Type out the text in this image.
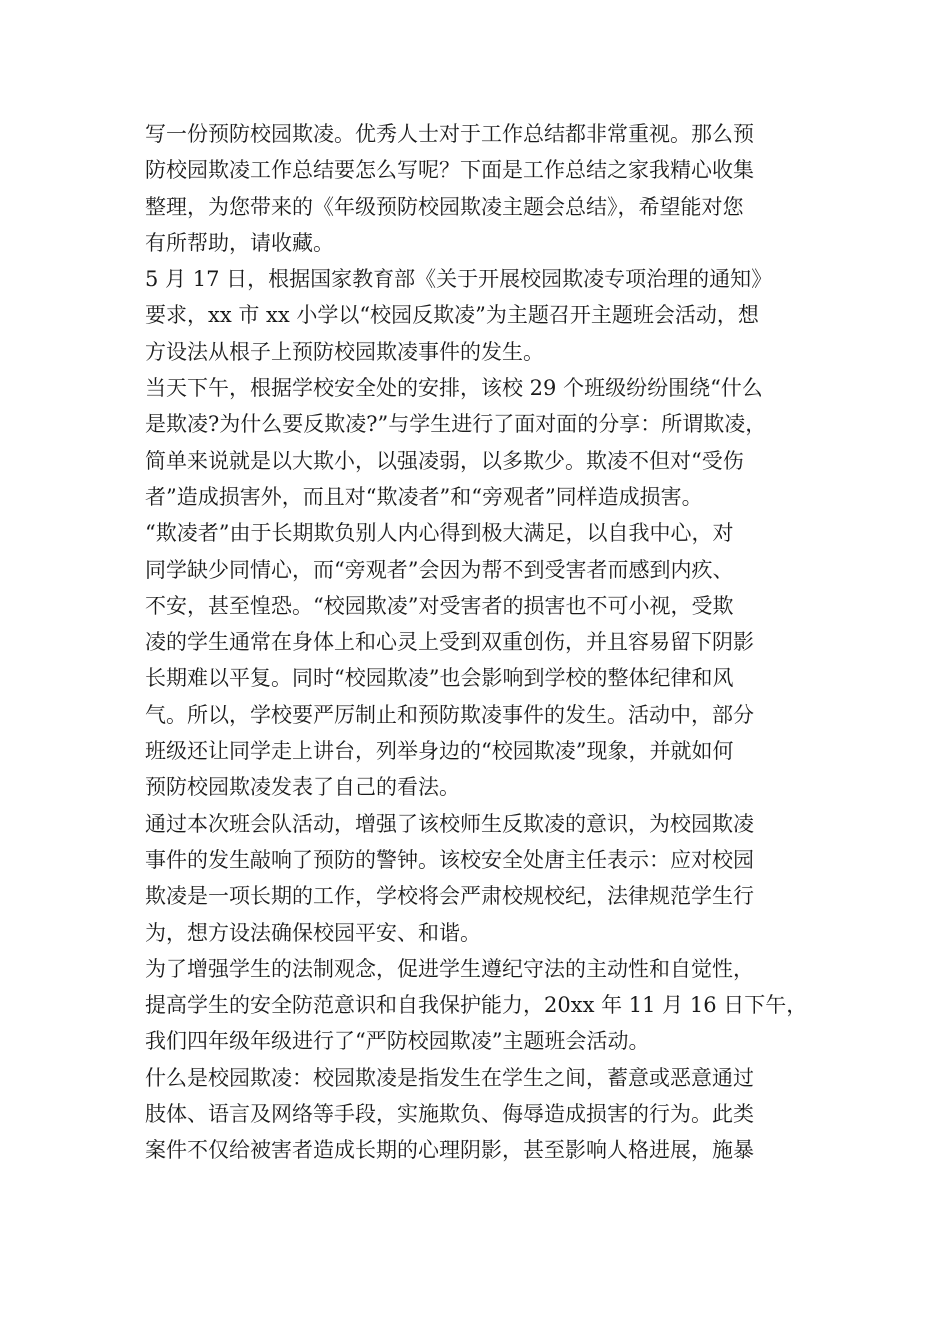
写一份预防校园欺凌。优秀人士对于工作总结都非常重视。那么预
防校园欺凌工作总结要怎么写呢？下面是工作总结之家我精心收集
整理，为您带来的《年级预防校园欺凌主题会总结》，希望能对您
有所帮助，请收藏。
5 月 17 日，根据国家教育部《关于开展校园欺凌专项治理的通知》
要求，xx 市 xx 小学以“校园反欺凌”为主题召开主题班会活动，想
方设法从根子上预防校园欺凌事件的发生。
当天下午，根据学校安全处的安排，该校 29 个班级纷纷围绕“什么
是欺凌?为什么要反欺凌?”与学生进行了面对面的分享：所谓欺凌，
简单来说就是以大欺小，以强凌弱，以多欺少。欺凌不但对“受伤
者”造成损害外，而且对“欺凌者”和“旁观者”同样造成损害。
“欺凌者”由于长期欺负别人内心得到极大满足，以自我中心，对
同学缺少同情心，而“旁观者”会因为帮不到受害者而感到内疚、
不安，甚至惶恐。“校园欺凌”对受害者的损害也不可小视，受欺
凌的学生通常在身体上和心灵上受到双重创伤，并且容易留下阴影
长期难以平复。同时“校园欺凌”也会影响到学校的整体纪律和风
气。所以，学校要严厉制止和预防欺凌事件的发生。活动中，部分
班级还让同学走上讲台，列举身边的“校园欺凌”现象，并就如何
预防校园欺凌发表了自己的看法。
通过本次班会队活动，增强了该校师生反欺凌的意识，为校园欺凌
事件的发生敲响了预防的警钟。该校安全处唐主任表示：应对校园
欺凌是一项长期的工作，学校将会严肃校规校纪，法律规范学生行
为，想方设法确保校园平安、和谐。
为了增强学生的法制观念，促进学生遵纪守法的主动性和自觉性，
提高学生的安全防范意识和自我保护能力，20xx 年 11 月 16 日下午，
我们四年级年级进行了“严防校园欺凌”主题班会活动。
什么是校园欺凌：校园欺凌是指发生在学生之间，蓄意或恶意通过
肢体、语言及网络等手段，实施欺负、侮辱造成损害的行为。此类
案件不仅给被害者造成长期的心理阴影，甚至影响人格进展，施暴
